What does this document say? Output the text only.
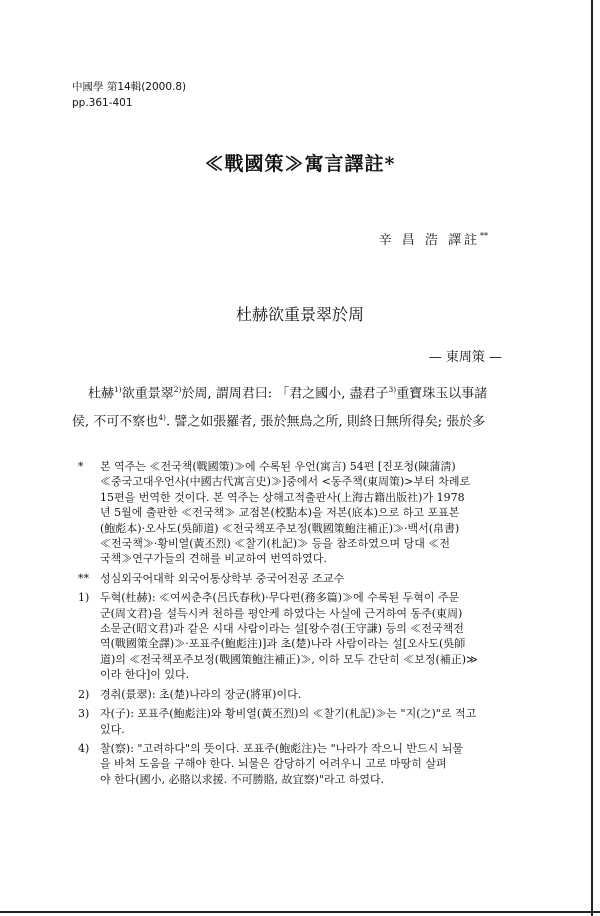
中國學 第14輯(2000.8)
pp.361-401
≪戰國策≫寓言譯註*
辛 昌 浩 譯註**
杜赫欲重景翠於周
— 東周策 —
杜赫$^{1)}$欲重景翠$^{2)}$於周, 謂周君曰: 「君之國小, 盡君子$^{3)}$重寶珠玉以事諸
侯, 不可不察也$^{4)}$. 譬之如張羅者, 張於無鳥之所, 則終日無所得矣; 張於多
*	본 역주는 ≪전국책(戰國策)≫에 수록된 우언(寓言) 54편 [진포청(陳蒲淸)
≪중국고대우언사(中國古代寓言史)≫]중에서 <동주책(東周策)>부터 차례로
15편을 번역한 것이다. 본 역주는 상해고적출판사(上海古籍出版社)가 1978
년 5월에 출판한 ≪전국책≫ 교점본(校點本)을 저본(底本)으로 하고 포표본
(鮑彪本)·오사도(吳師道) ≪전국책포주보정(戰國策鮑注補正)≫·백서(帛書)
≪전국책≫·황비열(黃丕烈) ≪찰기(札記)≫ 등을 참조하였으며 당대 ≪전
국책≫연구가들의 견해를 비교하여 번역하였다.
**	성심외국어대학 외국어통상학부 중국어전공 조교수
1) 두혁(杜赫): ≪여씨춘추(呂氏春秋)·무다편(務多篇)≫에 수록된 두혁이 주문
군(周文君)을 설득시켜 천하를 평안케 하였다는 사실에 근거하여 동주(東周)
소문군(昭文君)과 같은 시대 사람이라는 설[왕수겸(王守謙) 등의 ≪전국책전
역(戰國策全譯)≫·포표주(鮑彪注)]과 초(楚)나라 사람이라는 설[오사도(吳師
道)의 ≪전국책포주보정(戰國策鮑注補正)≫, 이하 모두 간단히 ≪보정(補正)≫
이라 한다]이 있다.
2) 경취(景翠): 초(楚)나라의 장군(將軍)이다.
3) 자(子): 포표주(鮑彪注)와 황비열(黃丕烈)의 ≪찰기(札記)≫는 "지(之)"로 적고
있다.
4) 찰(察): "고려하다"의 뜻이다. 포표주(鮑彪注)는 "나라가 작으니 반드시 뇌물
을 바쳐 도움을 구해야 한다. 뇌물은 감당하기 어려우니 고로 마땅히 살펴
야 한다(國小, 必賂以求援. 不可勝賂, 故宜察)"라고 하였다.
